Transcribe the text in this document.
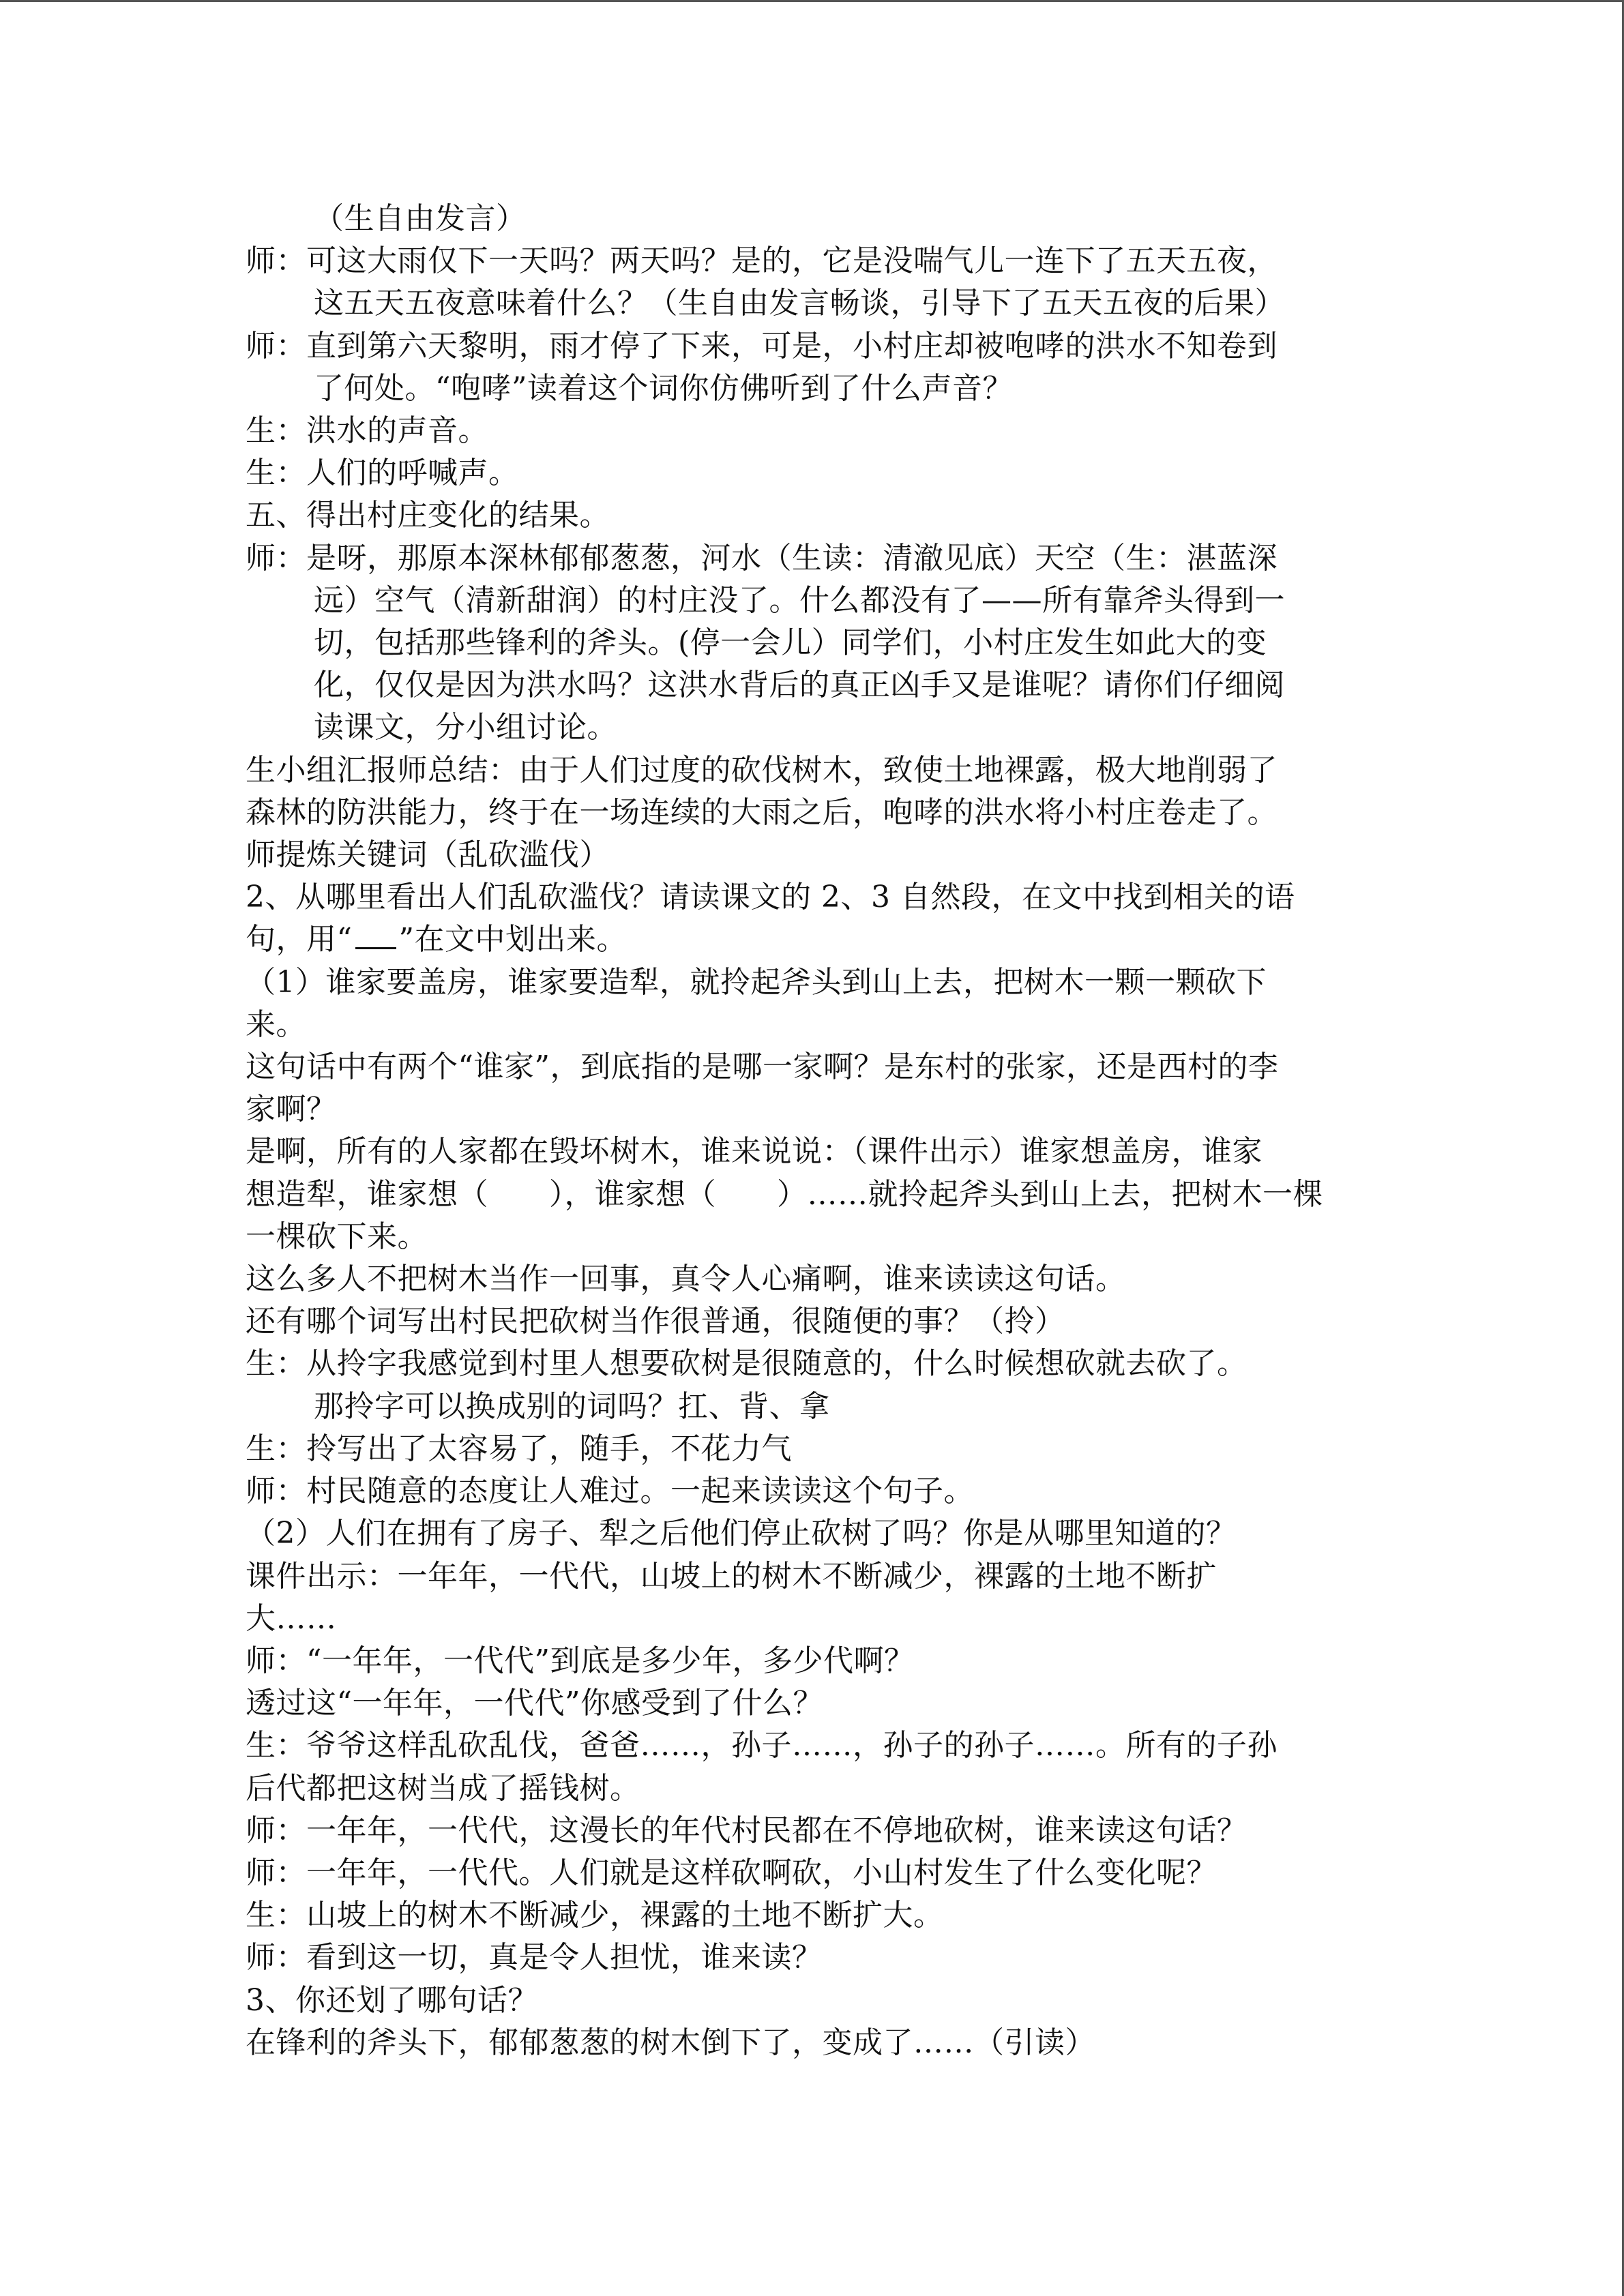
（生自由发言）
师：可这大雨仅下一天吗？两天吗？是的，它是没喘气儿一连下了五天五夜，
这五天五夜意味着什么？（生自由发言畅谈，引导下了五天五夜的后果）
师：直到第六天黎明，雨才停了下来，可是，小村庄却被咆哮的洪水不知卷到
了何处。“咆哮”读着这个词你仿佛听到了什么声音？
生：洪水的声音。
生：人们的呼喊声。
五、得出村庄变化的结果。
师：是呀，那原本深林郁郁葱葱，河水（生读：清澈见底）天空（生：湛蓝深
远）空气（清新甜润）的村庄没了。什么都没有了——所有靠斧头得到一
切，包括那些锋利的斧头。(停一会儿）同学们，小村庄发生如此大的变
化，仅仅是因为洪水吗？这洪水背后的真正凶手又是谁呢？请你们仔细阅
读课文，分小组讨论。
生小组汇报师总结：由于人们过度的砍伐树木，致使土地裸露，极大地削弱了
森林的防洪能力，终于在一场连续的大雨之后，咆哮的洪水将小村庄卷走了。
师提炼关键词（乱砍滥伐）
2、从哪里看出人们乱砍滥伐？请读课文的 2、3 自然段，在文中找到相关的语
句，用“ ”在文中划出来。
（1）谁家要盖房，谁家要造犁，就拎起斧头到山上去，把树木一颗一颗砍下
来。
这句话中有两个“谁家”，到底指的是哪一家啊？是东村的张家，还是西村的李
家啊？
是啊，所有的人家都在毁坏树木，谁来说说：（课件出示）谁家想盖房，谁家
想造犁，谁家想（　　），谁家想（　　）……就拎起斧头到山上去，把树木一棵
一棵砍下来。
这么多人不把树木当作一回事，真令人心痛啊，谁来读读这句话。
还有哪个词写出村民把砍树当作很普通，很随便的事？（拎）
生：从拎字我感觉到村里人想要砍树是很随意的，什么时候想砍就去砍了。
那拎字可以换成别的词吗？扛、背、拿
生：拎写出了太容易了，随手，不花力气
师：村民随意的态度让人难过。一起来读读这个句子。
（2）人们在拥有了房子、犁之后他们停止砍树了吗？你是从哪里知道的？
课件出示：一年年，一代代，山坡上的树木不断减少，裸露的土地不断扩
大……
师：“一年年，一代代”到底是多少年，多少代啊？
透过这“一年年，一代代”你感受到了什么？
生：爷爷这样乱砍乱伐，爸爸……，孙子……，孙子的孙子……。所有的子孙
后代都把这树当成了摇钱树。
师：一年年，一代代，这漫长的年代村民都在不停地砍树，谁来读这句话？
师：一年年，一代代。人们就是这样砍啊砍，小山村发生了什么变化呢？
生：山坡上的树木不断减少，裸露的土地不断扩大。
师：看到这一切，真是令人担忧，谁来读？
3、你还划了哪句话？
在锋利的斧头下，郁郁葱葱的树木倒下了，变成了……（引读）
